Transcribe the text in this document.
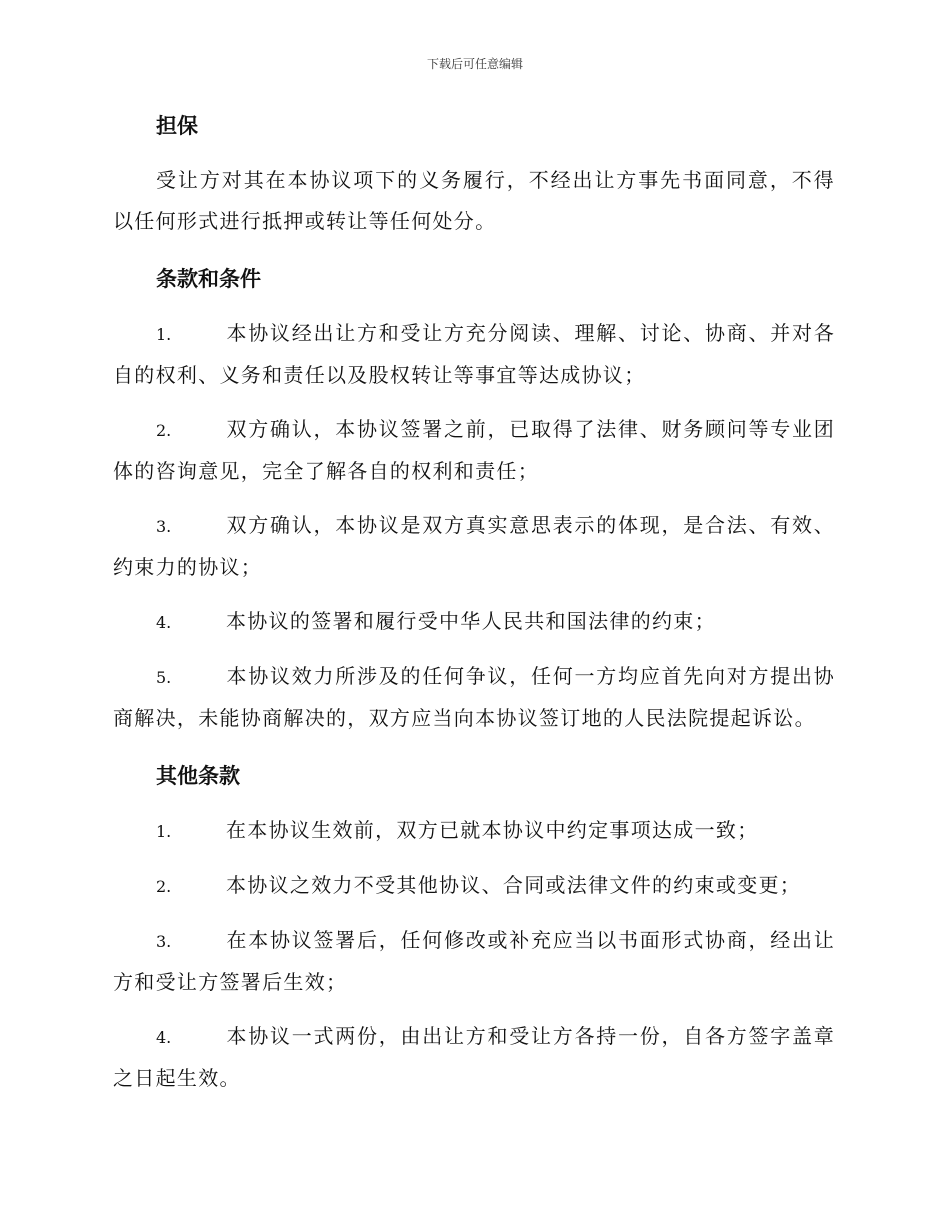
下载后可任意编辑
担保

受让方对其在本协议项下的义务履行，不经出让方事先书面同意，不得以任何形式进行抵押或转让等任何处分。

条款和条件

1.	本协议经出让方和受让方充分阅读、理解、讨论、协商、并对各自的权利、义务和责任以及股权转让等事宜等达成协议；

2.	双方确认，本协议签署之前，已取得了法律、财务顾问等专业团体的咨询意见，完全了解各自的权利和责任；

3.	双方确认，本协议是双方真实意思表示的体现，是合法、有效、约束力的协议；

4.	本协议的签署和履行受中华人民共和国法律的约束；

5.	本协议效力所涉及的任何争议，任何一方均应首先向对方提出协商解决，未能协商解决的，双方应当向本协议签订地的人民法院提起诉讼。

其他条款

1.	在本协议生效前，双方已就本协议中约定事项达成一致；

2.	本协议之效力不受其他协议、合同或法律文件的约束或变更；

3.	在本协议签署后，任何修改或补充应当以书面形式协商，经出让方和受让方签署后生效；

4.	本协议一式两份，由出让方和受让方各持一份，自各方签字盖章之日起生效。
